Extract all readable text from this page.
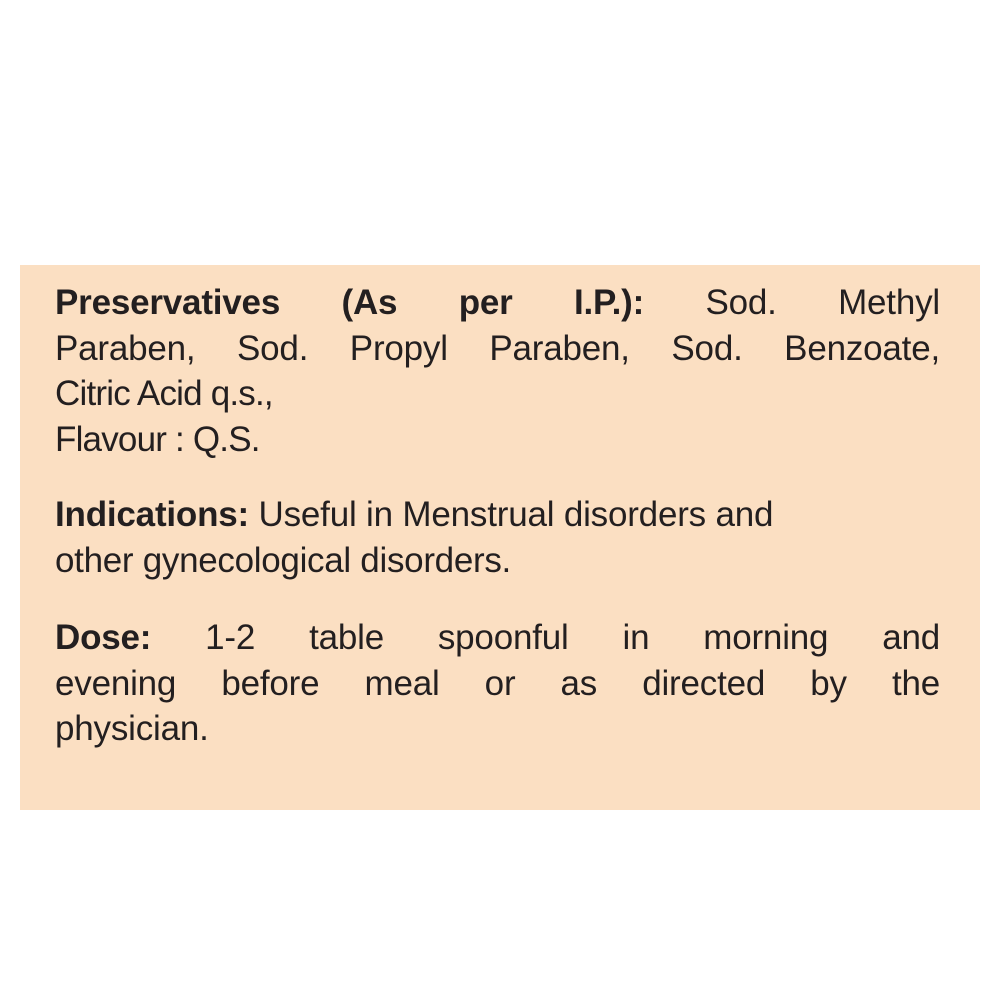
Preservatives (As per I.P.): Sod. Methyl
Paraben, Sod. Propyl Paraben, Sod. Benzoate,
Citric Acid q.s.,
Flavour : Q.S.
Indications: Useful in Menstrual disorders and
other gynecological disorders.
Dose: 1-2 table spoonful in morning and
evening before meal or as directed by the
physician.
